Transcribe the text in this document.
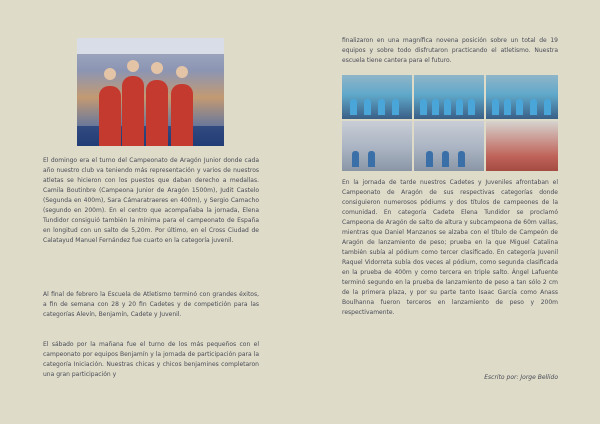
El domingo era el turno del Campeonato de Aragón Junior donde cada año nuestro club va teniendo más representación y varios de nuestros atletas se hicieron con los puestos que daban derecho a medallas. Camila Boutinbre (Campeona Junior de Aragón 1500m), Judit Castelo (Segunda en 400m), Sara Cámaratraeres en 400m), y Sergio Camacho (segundo en 200m). En el centro que acompañaba la jornada, Elena Tundidor consiguió también la mínima para el campeonato de España en longitud con un salto de 5,20m. Por último, en el Cross Ciudad de Calatayud Manuel Fernández fue cuarto en la categoría juvenil.

Al final de febrero la Escuela de Atletismo terminó con grandes éxitos, a fin de semana con 28 y 20 fin Cadetes y de competición para las categorías Alevín, Benjamín, Cadete y Juvenil.

El sábado por la mañana fue el turno de los más pequeños con el campeonato por equipos Benjamín y la jornada de participación para la categoría Iniciación. Nuestras chicas y chicos benjamines completaron una gran participación y

finalizaron en una magnífica novena posición sobre un total de 19 equipos y sobre todo disfrutaron practicando el atletismo. Nuestra escuela tiene cantera para el futuro.

En la jornada de tarde nuestros Cadetes y Juveniles afrontaban el Campeonato de Aragón de sus respectivas categorías donde consiguieron numerosos pódiums y dos títulos de campeones de la comunidad. En categoría Cadete Elena Tundidor se proclamó Campeona de Aragón de salto de altura y subcampeona de 60m vallas, mientras que Daniel Manzanos se alzaba con el título de Campeón de Aragón de lanzamiento de peso; prueba en la que Miguel Catalina también subía al pódium como tercer clasificado. En categoría Juvenil Raquel Vidorreta subía dos veces al pódium, como segunda clasificada en la prueba de 400m y como tercera en triple salto. Ángel Lafuente terminó segundo en la prueba de lanzamiento de peso a tan sólo 2 cm de la primera plaza, y por su parte tanto Isaac García como Anass Boulhanna fueron terceros en lanzamiento de peso y 200m respectivamente.

Escrito por: Jorge Bellido
